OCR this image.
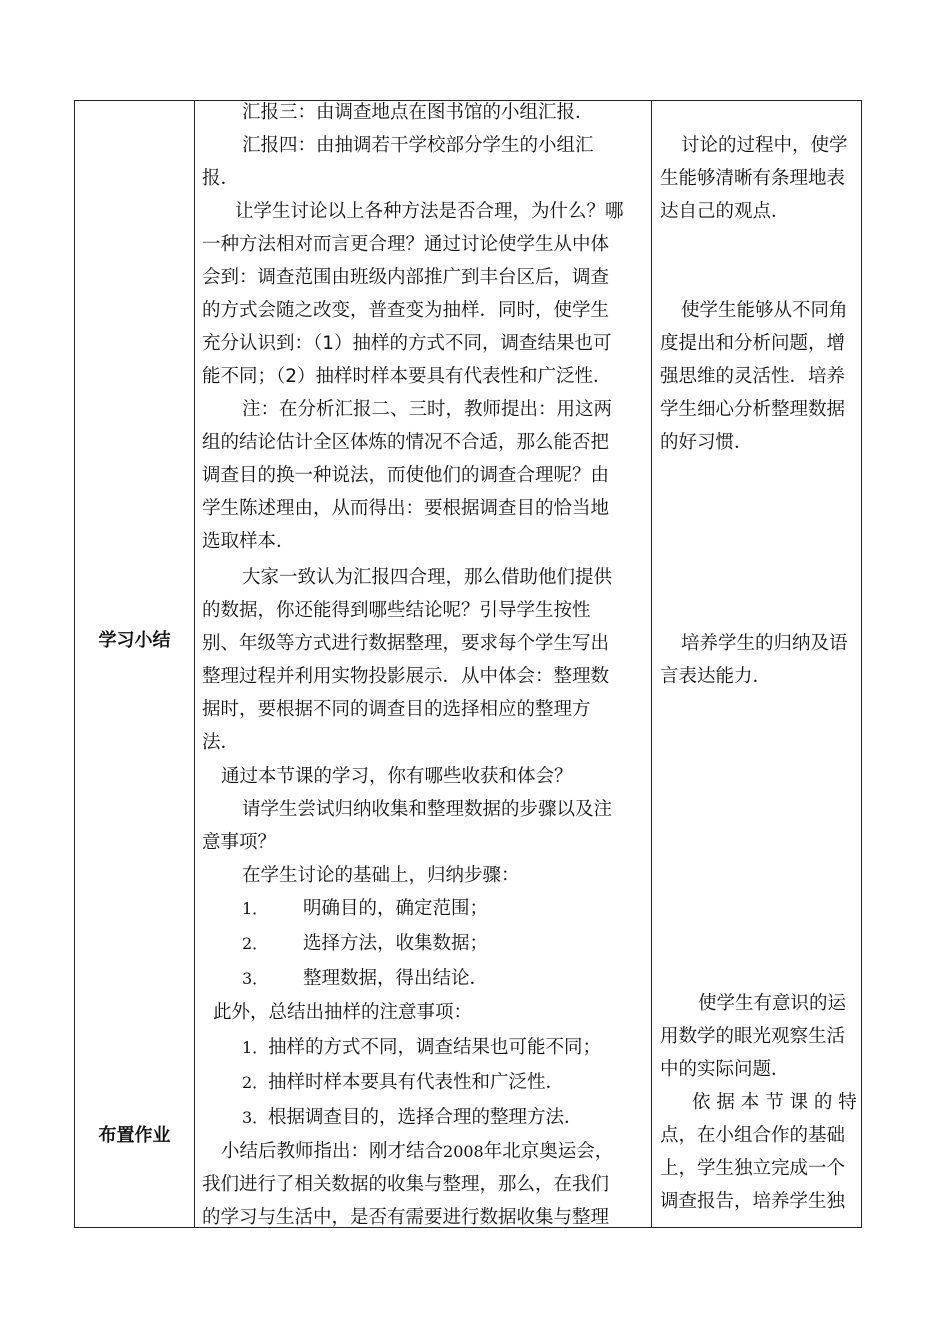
学习小结
布置作业
汇报三：由调查地点在图书馆的小组汇报．
汇报四：由抽调若干学校部分学生的小组汇
报．
让学生讨论以上各种方法是否合理，为什么？哪
一种方法相对而言更合理？通过讨论使学生从中体
会到：调查范围由班级内部推广到丰台区后，调查
的方式会随之改变，普查变为抽样．同时，使学生
充分认识到：（1）抽样的方式不同，调查结果也可
能不同；（2）抽样时样本要具有代表性和广泛性．
注：在分析汇报二、三时，教师提出：用这两
组的结论估计全区体炼的情况不合适，那么能否把
调查目的换一种说法，而使他们的调查合理呢？由
学生陈述理由，从而得出：要根据调查目的恰当地
选取样本．
大家一致认为汇报四合理，那么借助他们提供
的数据，你还能得到哪些结论呢？引导学生按性
别、年级等方式进行数据整理，要求每个学生写出
整理过程并利用实物投影展示．从中体会：整理数
据时，要根据不同的调查目的选择相应的整理方
法．
通过本节课的学习，你有哪些收获和体会？
请学生尝试归纳收集和整理数据的步骤以及注
意事项？
在学生讨论的基础上，归纳步骤：
1． 明确目的，确定范围；
2． 选择方法，收集数据；
3． 整理数据，得出结论．
此外，总结出抽样的注意事项：
1． 抽样的方式不同，调查结果也可能不同；
2． 抽样时样本要具有代表性和广泛性．
3． 根据调查目的，选择合理的整理方法．
小结后教师指出：刚才结合2008年北京奥运会，
我们进行了相关数据的收集与整理，那么，在我们
的学习与生活中，是否有需要进行数据收集与整理
讨论的过程中，使学
生能够清晰有条理地表
达自己的观点．
使学生能够从不同角
度提出和分析问题，增
强思维的灵活性．培养
学生细心分析整理数据
的好习惯．
培养学生的归纳及语
言表达能力．
使学生有意识的运
用数学的眼光观察生活
中的实际问题．
依 据 本 节 课 的 特
点，在小组合作的基础
上，学生独立完成一个
调查报告，培养学生独
